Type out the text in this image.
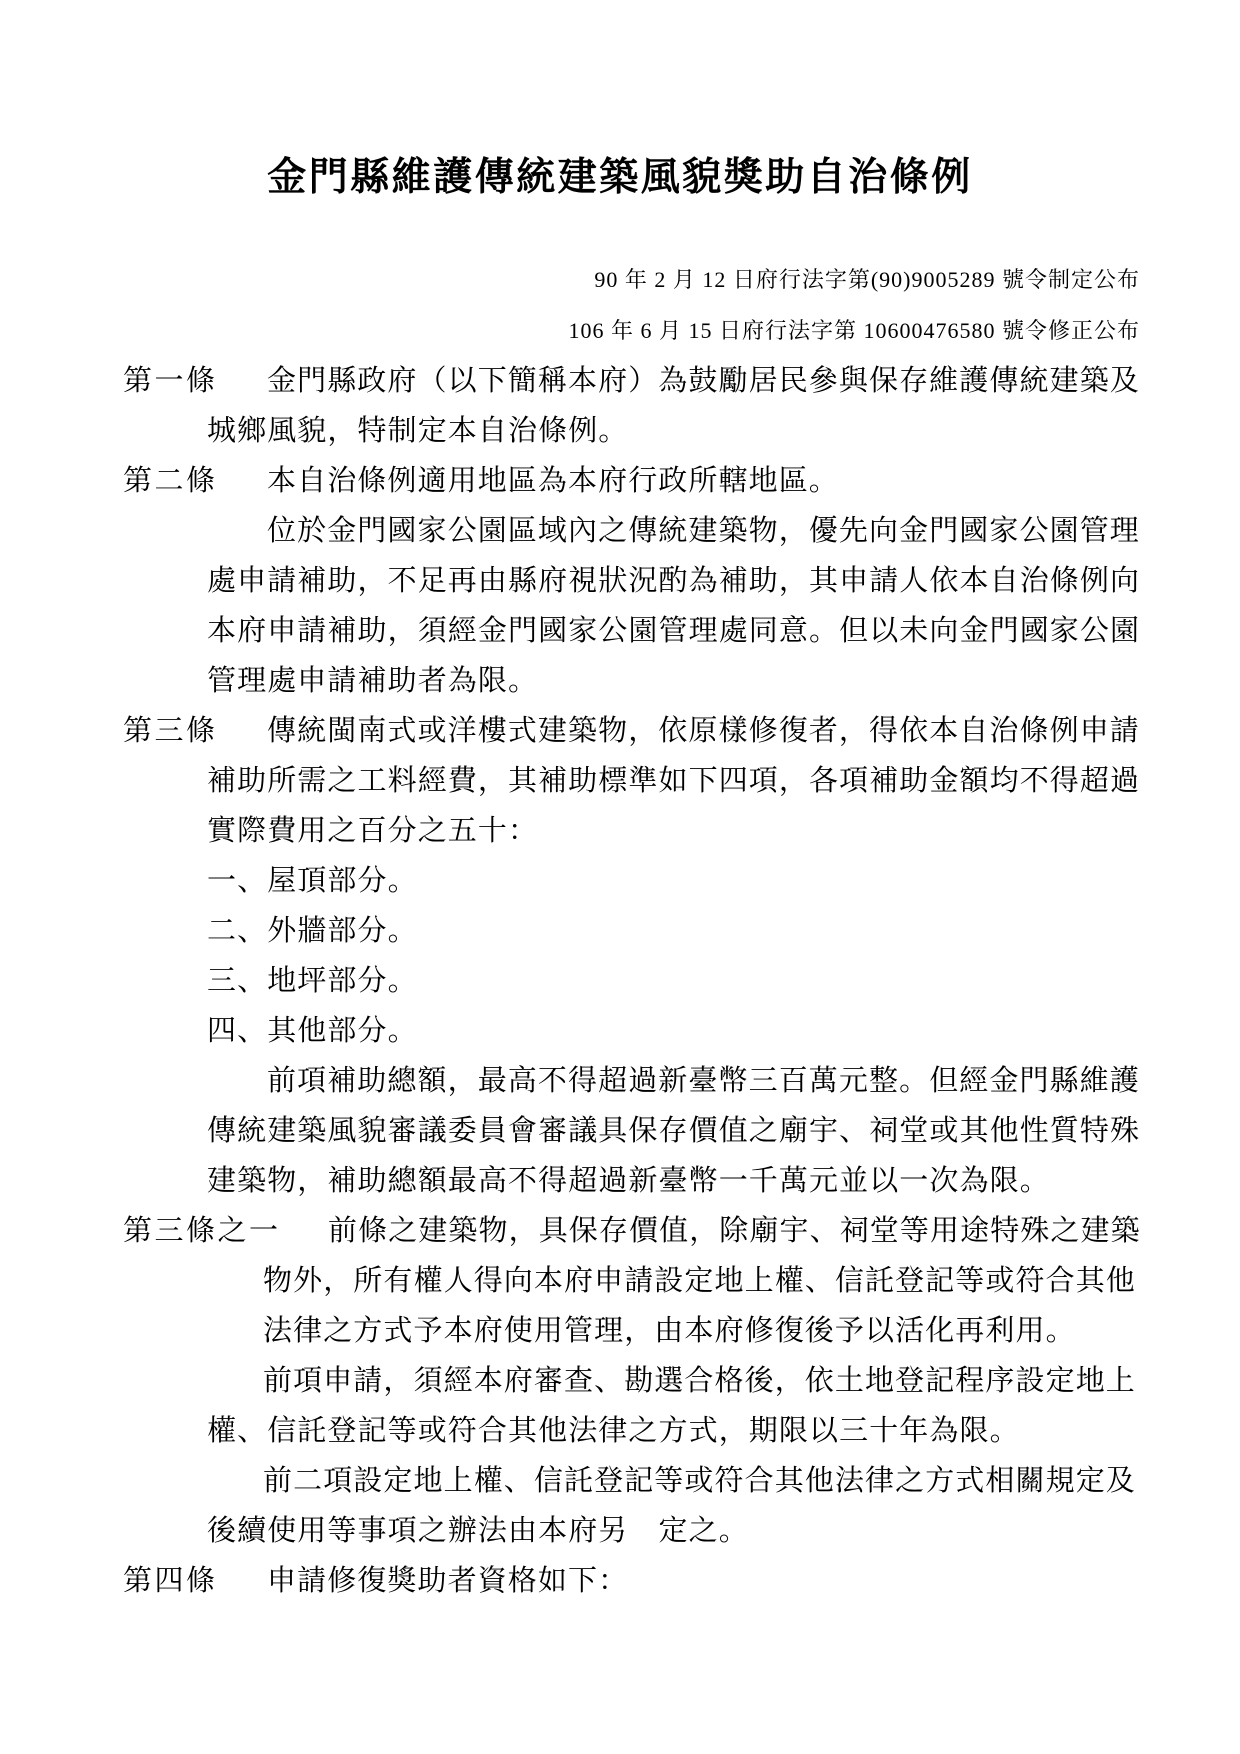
金門縣維護傳統建築風貌獎助自治條例
90 年 2 月 12 日府行法字第(90)9005289 號令制定公布
106 年 6 月 15 日府行法字第 10600476580 號令修正公布
第一條 金門縣政府（以下簡稱本府）為鼓勵居民參與保存維護傳統建築及
城鄉風貌，特制定本自治條例。
第二條 本自治條例適用地區為本府行政所轄地區。
位於金門國家公園區域內之傳統建築物，優先向金門國家公園管理
處申請補助，不足再由縣府視狀況酌為補助，其申請人依本自治條例向
本府申請補助，須經金門國家公園管理處同意。但以未向金門國家公園
管理處申請補助者為限。
第三條 傳統閩南式或洋樓式建築物，依原樣修復者，得依本自治條例申請
補助所需之工料經費，其補助標準如下四項，各項補助金額均不得超過
實際費用之百分之五十：
一、屋頂部分。
二、外牆部分。
三、地坪部分。
四、其他部分。
前項補助總額，最高不得超過新臺幣三百萬元整。但經金門縣維護
傳統建築風貌審議委員會審議具保存價值之廟宇、祠堂或其他性質特殊
建築物，補助總額最高不得超過新臺幣一千萬元並以一次為限。
第三條之一 前條之建築物，具保存價值，除廟宇、祠堂等用途特殊之建築
物外，所有權人得向本府申請設定地上權、信託登記等或符合其他
法律之方式予本府使用管理，由本府修復後予以活化再利用。
前項申請，須經本府審查、勘選合格後，依土地登記程序設定地上
權、信託登記等或符合其他法律之方式，期限以三十年為限。
前二項設定地上權、信託登記等或符合其他法律之方式相關規定及
後續使用等事項之辦法由本府另　定之。
第四條 申請修復獎助者資格如下：
